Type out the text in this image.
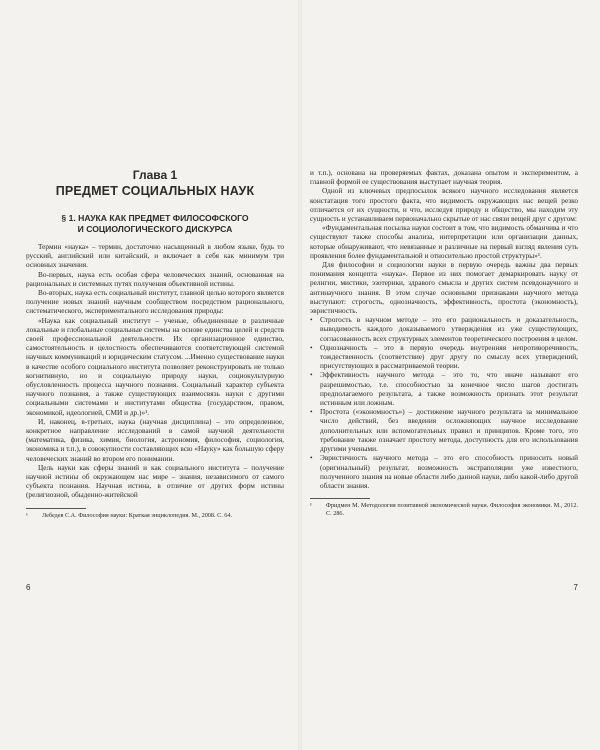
Глава 1
ПРЕДМЕТ СОЦИАЛЬНЫХ НАУК
§ 1. НАУКА КАК ПРЕДМЕТ ФИЛОСОФСКОГО
И СОЦИОЛОГИЧЕСКОГО ДИСКУРСА

Термин «наука» – термин, достаточно насыщенный в любом языке, будь то русский, английский или китайский, и включает в себя как минимум три основных значения.

Во-первых, наука есть особая сфера человеческих знаний, основанная на рациональных и системных путях получения объективной истины.

Во-вторых, наука есть социальный институт, главной целью которого является получение новых знаний научным сообществом посредством рационального, систематического, экспериментального исследования природы:

«Наука как социальный институт – ученые, объединенные в различные локальные и глобальные социальные системы на основе единства целей и средств своей профессиональной деятельности. Их организационное единство, самостоятельность и целостность обеспечиваются соответствующей системой научных коммуникаций и юридическим статусом. ...Именно существование науки в качестве особого социального института позволяет реконструировать не только когнитивную, но и социальную природу науки, социокультурную обусловленность процесса научного познания. Социальный характер субъекта научного познания, а также существующих взаимосвязь науки с другими социальными системами и институтами общества (государством, правом, экономикой, идеологией, СМИ и др.)»¹.

И, наконец, в-третьих, наука (научная дисциплина) – это определенное, конкретное направление исследований в самой научной деятельности (математика, физика, химия, биология, астрономия, философия, социология, экономика и т.п.), в совокупности составляющих всю «Науку» как большую сферу человеческих знаний во втором его понимании.

Цель науки как сферы знаний и как социального института – получение научной истины об окружающем нас мире – знания, независимого от самого субъекта познания. Научная истина, в отличие от других форм истины (религиозной, обыденно-житейской

¹	Лебедев С.А. Философия науки: Краткая энциклопедия. М., 2008. С. 64.
6

и т.п.), основана на проверяемых фактах, доказана опытом и экспериментом, а главной формой ее существования выступает научная теория.

Одной из ключевых предпосылок всякого научного исследования является констатация того простого факта, что видимость окружающих нас вещей резко отличается от их сущности, и что, исследуя природу и общество, мы находим эту сущность и устанавливаем первоначально скрытые от нас связи вещей друг с другом:

«Фундаментальная посылка науки состоит в том, что видимость обманчива и что существуют также способы анализа, интерпретации или организации данных, которые обнаруживают, что невязанные и различные на первый взгляд явления суть проявления более фундаментальной и относительно простой структуры»¹.

Для философии и социологии науки в первую очередь важны два первых понимания концепта «наука». Первое из них помогает демаркировать науку от религии, мистики, эзотерики, здравого смысла и других систем псевдонаучного и антинаучного знания. В этом случае основными признаками научного метода выступают: строгость, однозначность, эффективность, простота (экономность), эвристичность.

• Строгость в научном методе – это его рациональность и доказательность, выводимость каждого доказываемого утверждения из уже существующих, согласованность всех структурных элементов теоретического построения в целом.
• Однозначность – это в первую очередь внутренняя непротиворечивость, тождественность (соответствие) друг другу по смыслу всех утверждений, присутствующих в рассматриваемой теории.
• Эффективность научного метода – это то, что иначе называют его разрешимостью, т.е. способностью за конечное число шагов достигать предполагаемого результата, а также возможность признать этот результат истинным или ложным.
• Простота («экономность») – достижение научного результата за минимальное число действий, без введения осложняющих научное исследование дополнительных или вспомогательных правил и принципов. Кроме того, это требование также означает простоту метода, доступность для его использования другими учеными.
• Эвристичность научного метода – это его способность приносить новый (оригинальный) результат, возможность экстраполяции уже известного, полученного знания на новые области либо данной науки, либо какой-либо другой области знания.
¹	Фридмен М. Методология позитивной экономической науки. Философия экономики. М., 2012. С. 286.
7
